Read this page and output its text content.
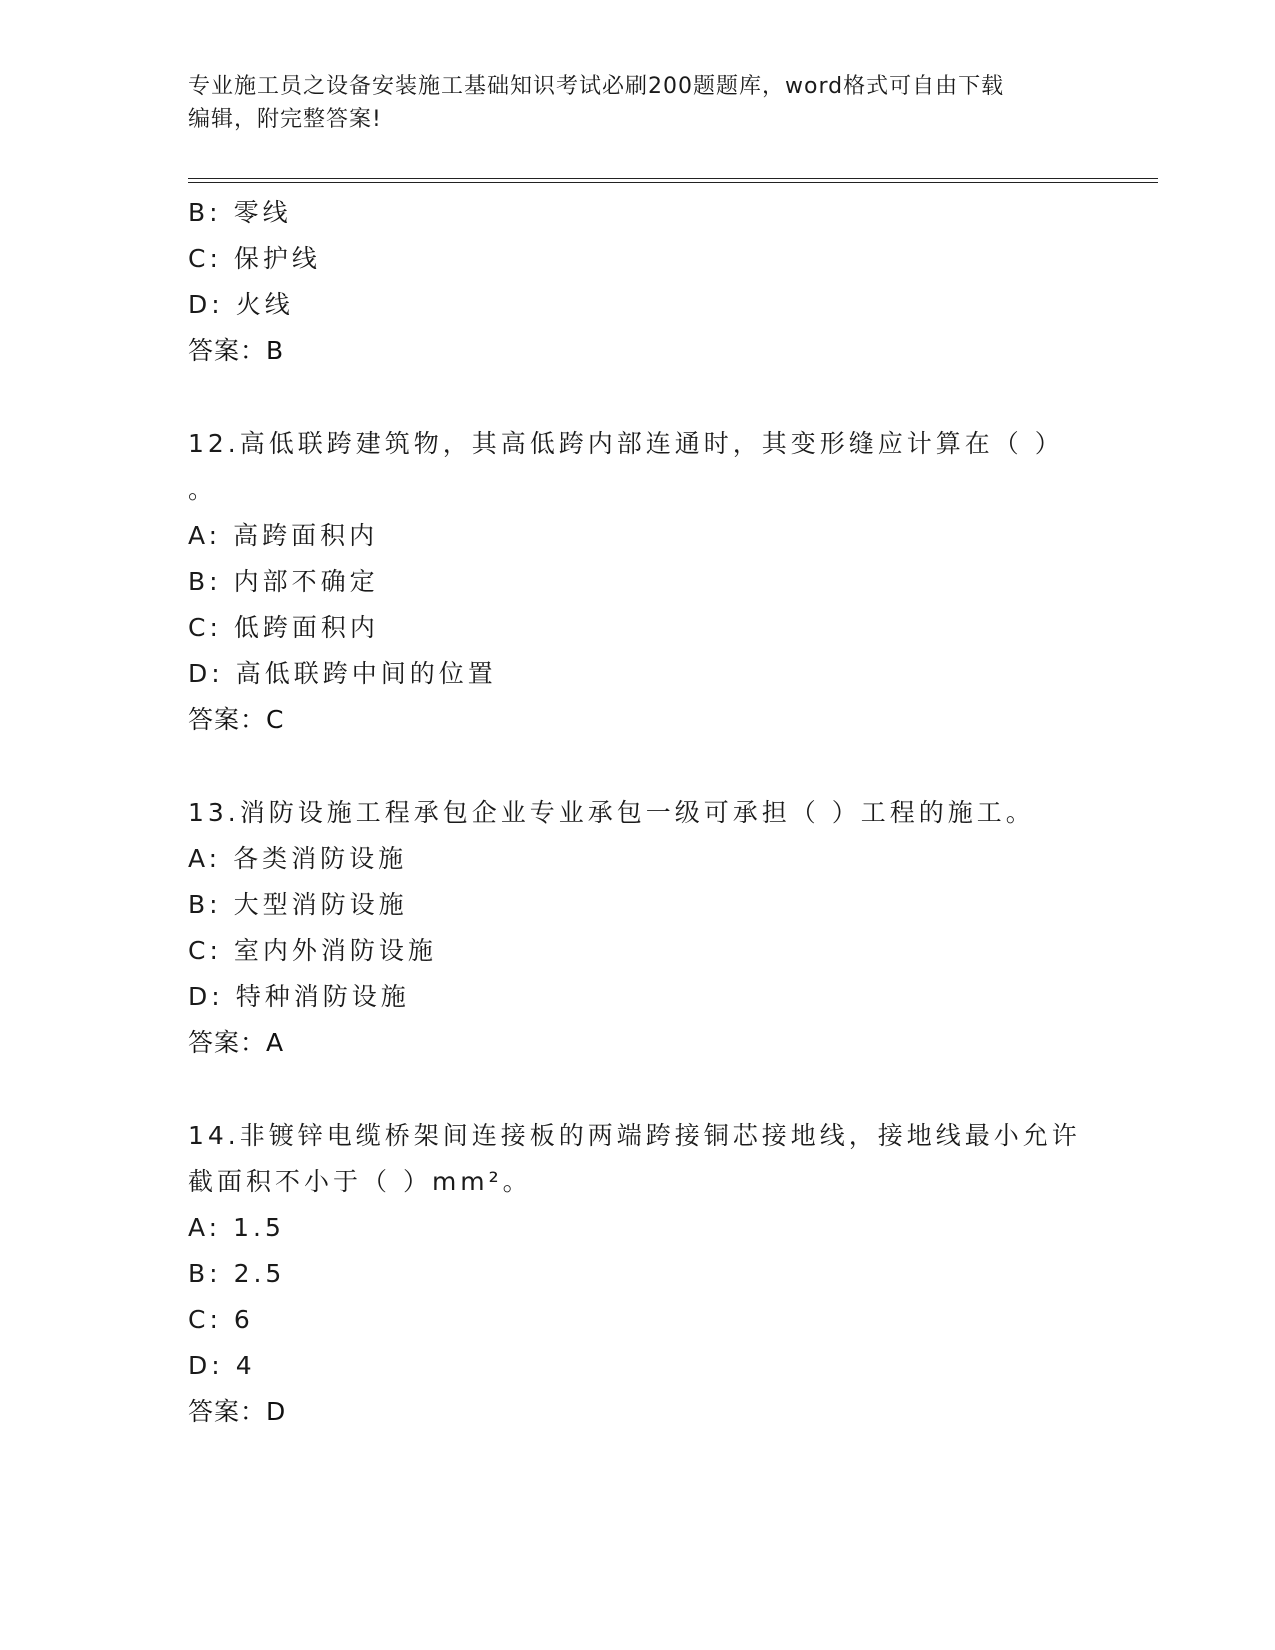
专业施工员之设备安装施工基础知识考试必刷200题题库，word格式可自由下载
编辑，附完整答案!
B: 零线
C: 保护线
D: 火线
答案：B
12.高低联跨建筑物，其高低跨内部连通时，其变形缝应计算在（ ）
。
A: 高跨面积内
B: 内部不确定
C: 低跨面积内
D: 高低联跨中间的位置
答案：C
13.消防设施工程承包企业专业承包一级可承担（ ）工程的施工。
A: 各类消防设施
B: 大型消防设施
C: 室内外消防设施
D: 特种消防设施
答案：A
14.非镀锌电缆桥架间连接板的两端跨接铜芯接地线，接地线最小允许
截面积不小于（ ）mm²。
A: 1.5
B: 2.5
C: 6
D: 4
答案：D
